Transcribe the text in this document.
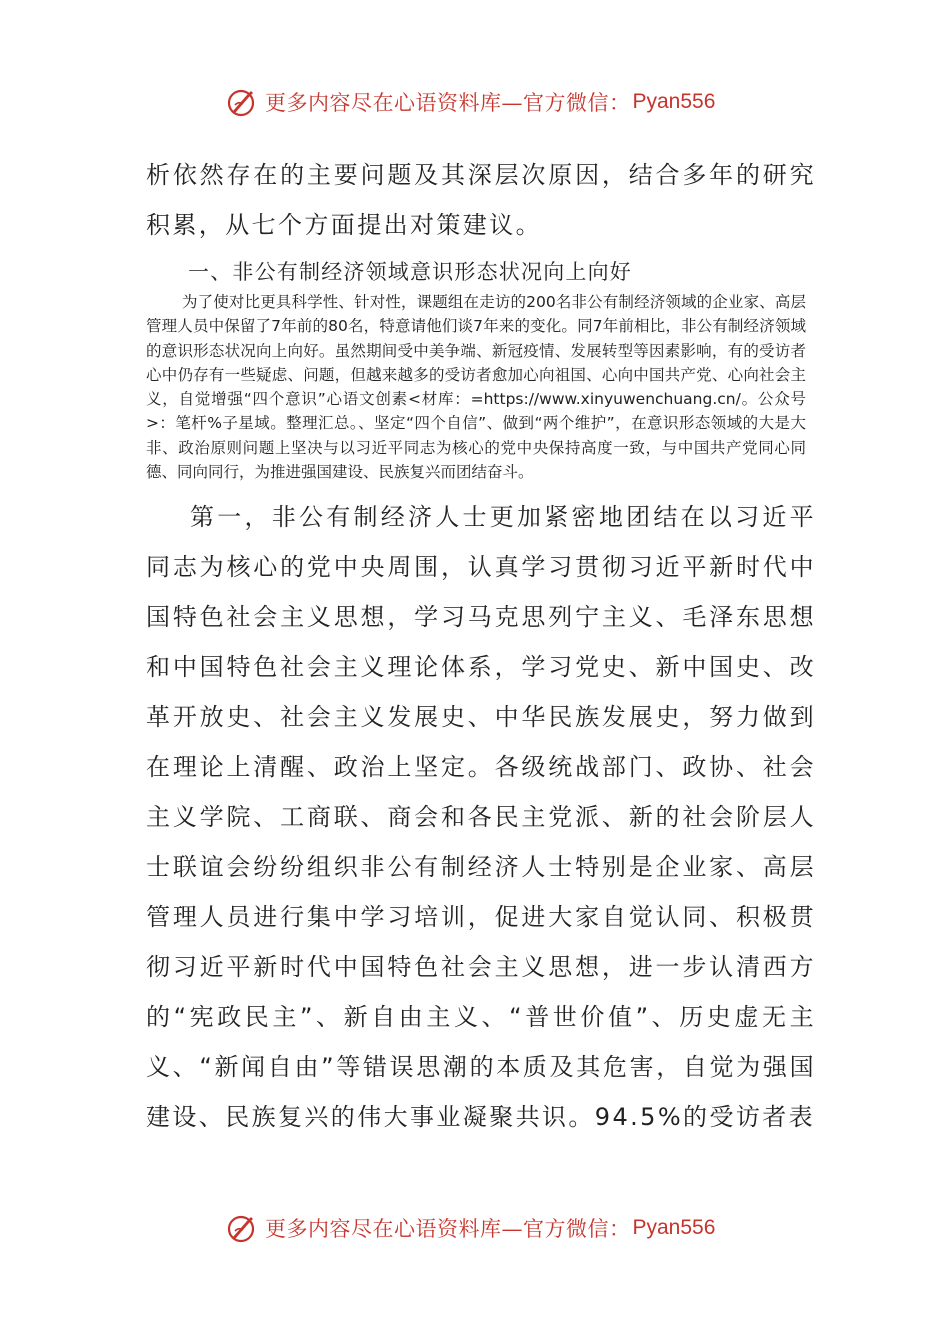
更多内容尽在心语资料库—官方微信： Pyan556

析依然存在的主要问题及其深层次原因，结合多年的研究积累，从七个方面提出对策建议。

一、非公有制经济领域意识形态状况向上向好

为了使对比更具科学性、针对性，课题组在走访的200名非公有制经济领域的企业家、高层管理人员中保留了7年前的80名，特意请他们谈7年来的变化。同7年前相比，非公有制经济领域的意识形态状况向上向好。虽然期间受中美争端、新冠疫情、发展转型等因素影响，有的受访者心中仍存有一些疑虑、问题，但越来越多的受访者愈加心向祖国、心向中国共产党、心向社会主义，自觉增强“四个意识”心语文创素<材库：=https://www.xinyuwenchuang.cn/。公众号>：笔杆%子星域。整理汇总。、坚定“四个自信”、做到“两个维护”，在意识形态领域的大是大非、政治原则问题上坚决与以习近平同志为核心的党中央保持高度一致，与中国共产党同心同德、同向同行，为推进强国建设、民族复兴而团结奋斗。

第一，非公有制经济人士更加紧密地团结在以习近平同志为核心的党中央周围，认真学习贯彻习近平新时代中国特色社会主义思想，学习马克思列宁主义、毛泽东思想和中国特色社会主义理论体系，学习党史、新中国史、改革开放史、社会主义发展史、中华民族发展史，努力做到在理论上清醒、政治上坚定。各级统战部门、政协、社会主义学院、工商联、商会和各民主党派、新的社会阶层人士联谊会纷纷组织非公有制经济人士特别是企业家、高层管理人员进行集中学习培训，促进大家自觉认同、积极贯彻习近平新时代中国特色社会主义思想，进一步认清西方的“宪政民主”、新自由主义、“普世价值”、历史虚无主义、“新闻自由”等错误思潮的本质及其危害，自觉为强国建设、民族复兴的伟大事业凝聚共识。94.5%的受访者表

更多内容尽在心语资料库—官方微信： Pyan556
